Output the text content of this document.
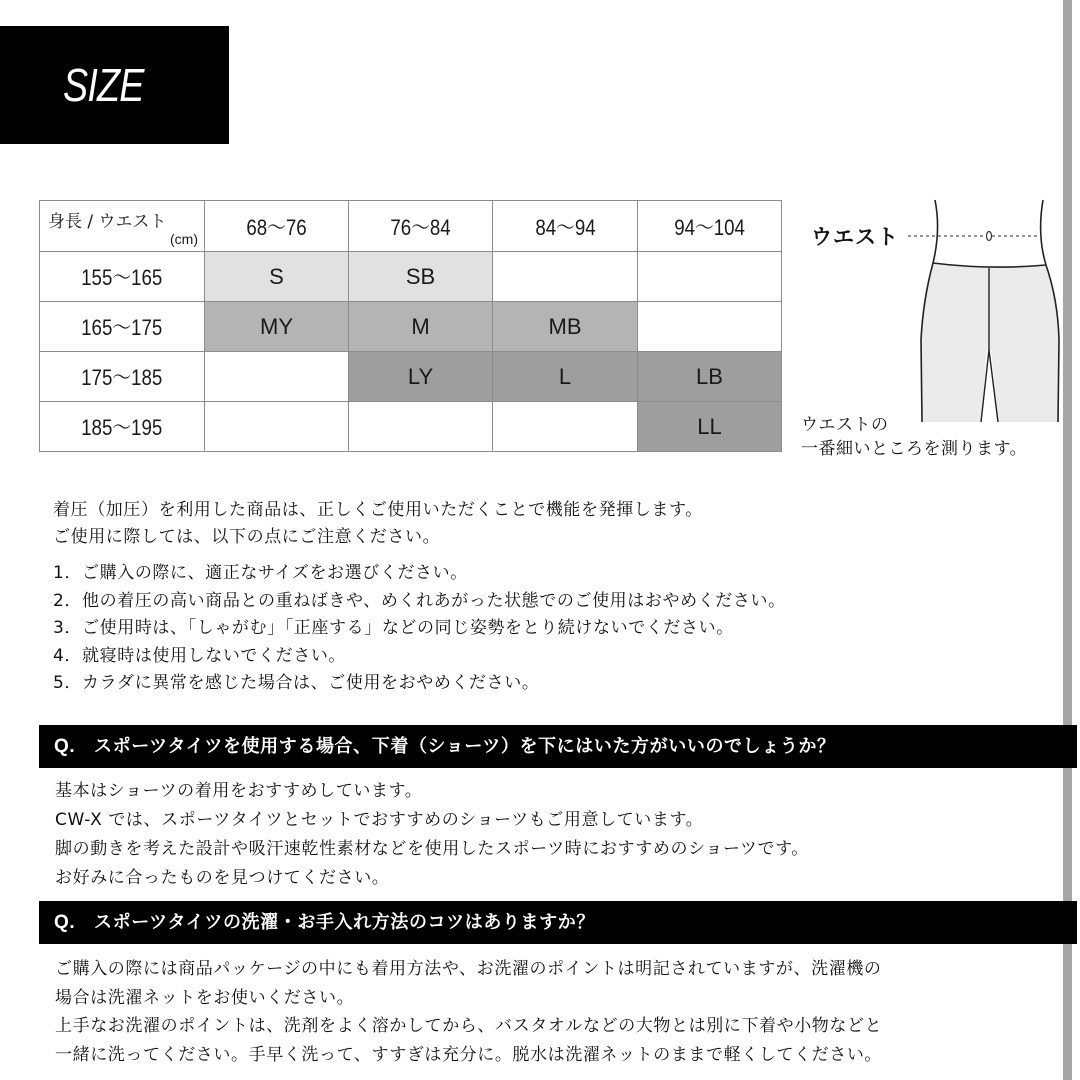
SIZE
身長 / ウエスト
(cm)	68〜76	76〜84	84〜94	94〜104
155〜165	S	SB		
165〜175	MY	M	MB	
175〜185		LY	L	LB
185〜195				LL
ウエスト
ウエストの
一番細いところを測ります。
着圧（加圧）を利用した商品は、正しくご使用いただくことで機能を発揮します。
ご使用に際しては、以下の点にご注意ください。
1．ご購入の際に、適正なサイズをお選びください。
2．他の着圧の高い商品との重ねばきや、めくれあがった状態でのご使用はおやめください。
3．ご使用時は、「しゃがむ」「正座する」などの同じ姿勢をとり続けないでください。
4．就寝時は使用しないでください。
5．カラダに異常を感じた場合は、ご使用をおやめください。
Q. スポーツタイツを使用する場合、下着（ショーツ）を下にはいた方がいいのでしょうか？
基本はショーツの着用をおすすめしています。
CW-X では、スポーツタイツとセットでおすすめのショーツもご用意しています。
脚の動きを考えた設計や吸汗速乾性素材などを使用したスポーツ時におすすめのショーツです。
お好みに合ったものを見つけてください。
Q. スポーツタイツの洗濯・お手入れ方法のコツはありますか？
ご購入の際には商品パッケージの中にも着用方法や、お洗濯のポイントは明記されていますが、洗濯機の
場合は洗濯ネットをお使いください。
上手なお洗濯のポイントは、洗剤をよく溶かしてから、バスタオルなどの大物とは別に下着や小物などと
一緒に洗ってください。手早く洗って、すすぎは充分に。脱水は洗濯ネットのままで軽くしてください。
